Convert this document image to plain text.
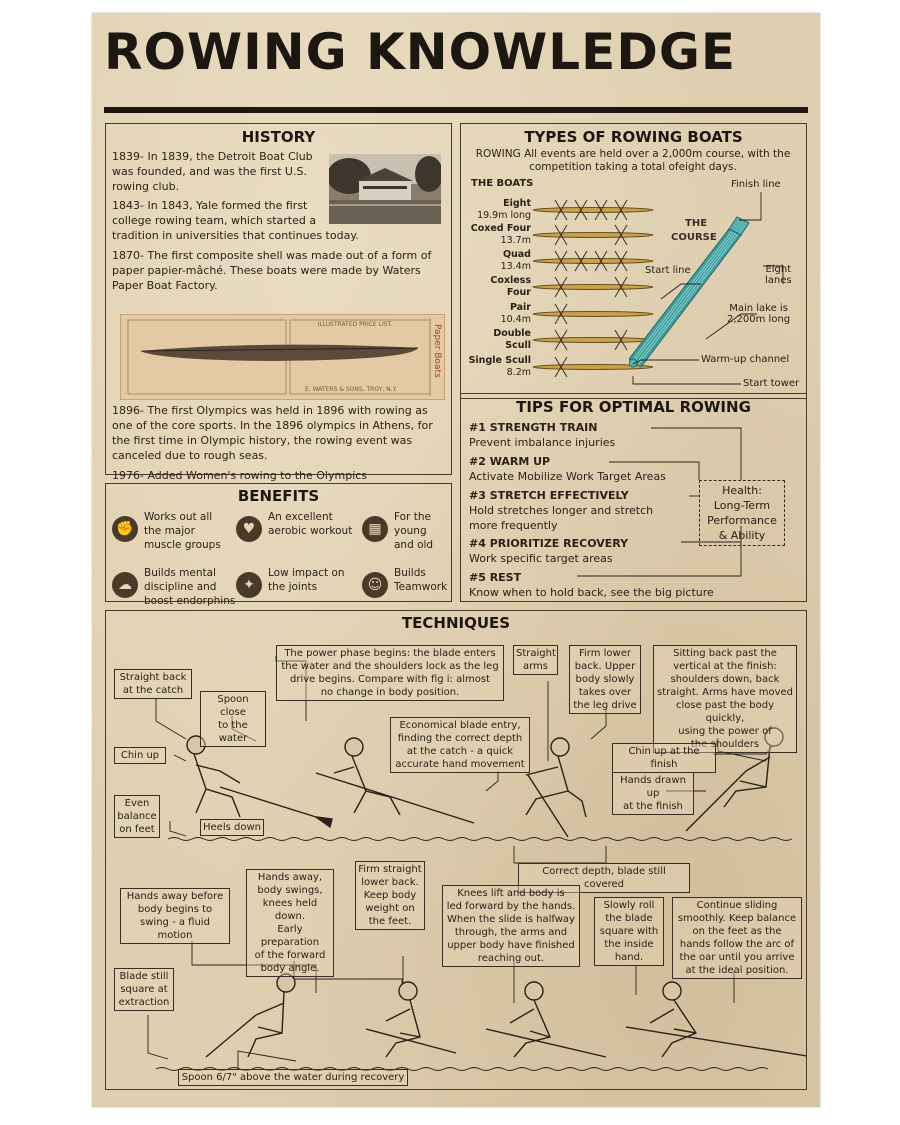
ROWING KNOWLEDGE
HISTORY
1839- In 1839, the Detroit Boat Club
was founded, and was the first U.S.
rowing club.
1843- In 1843, Yale formed the first
college rowing team, which started a
tradition in universities that continues today.
1870- The first composite shell was made out of a form of
paper papier-mâché. These boats were made by Waters
Paper Boat Factory.
ILLUSTRATED PRICE LIST.
E. WATERS & SONS, TROY, N.Y.
Paper Boats
1896- The first Olympics was held in 1896 with rowing as
one of the core sports. In the 1896 olympics in Athens, for
the first time in Olympic history, the rowing event was
canceled due to rough seas.
1976- Added Women's rowing to the Olympics
TYPES OF ROWING BOATS
ROWING All events are held over a 2,000m course, with the
competition taking a total ofeight days.
THE BOATS
Eight
19.9m long
Coxed Four
13.7m
Quad
13.4m
Coxless Four
Pair
10.4m
Double Scull
Single Scull
8.2m
Finish line
THE
COURSE
Start line	Eight
lanes
Main lake is
2,200m long
Warm-up channel
Start tower
TIPS FOR OPTIMAL ROWING
#1 STRENGTH TRAIN
Prevent imbalance injuries
#2 WARM UP
Activate Mobilize Work Target Areas
#3 STRETCH EFFECTIVELY
Hold stretches longer and stretch
more frequently
#4 PRIORITIZE RECOVERY
Work specific target areas
#5 REST
Know when to hold back, see the big picture
Health:
Long-Term
Performance
& Ability
BENEFITS
✊
Works out all
the major
muscle groups
♥
An excellent
aerobic workout	▦
For the
young
and old
☁
Builds mental
discipline and
boost endorphins
✦
Low impact on
the joints	☺
Builds
Teamwork
TECHNIQUES
Straight back
at the catch
Spoon close
to the water
The power phase begins: the blade enters
the water and the shoulders lock as the leg
drive begins. Compare with fig i: almost
no change in body position.
Straight
arms
Firm lower
back. Upper
body slowly
takes over
the leg drive
Sitting back past the
vertical at the finish:
shoulders down, back
straight. Arms have moved
close past the body quickly,
using the power of
the shoulders
Chin up
Economical blade entry,
finding the correct depth
at the catch - a quick
accurate hand movement
Chin up at the finish
Hands drawn up
at the finish
Even
balance
on feet	Heels down
Correct depth, blade still covered
Hands away before
body begins to
swing - a fluid motion
Hands away,
body swings,
knees held down.
Early preparation
of the forward
body angle.
Firm straight
lower back.
Keep body
weight on
the feet.
Knees lift and body is
led forward by the hands.
When the slide is halfway
through, the arms and
upper body have finished
reaching out.
Slowly roll
the blade
square with
the inside
hand.
Continue sliding
smoothly. Keep balance
on the feet as the
hands follow the arc of
the oar until you arrive
at the ideal position.
Blade still
square at
extraction
Spoon 6/7" above the water during recovery
